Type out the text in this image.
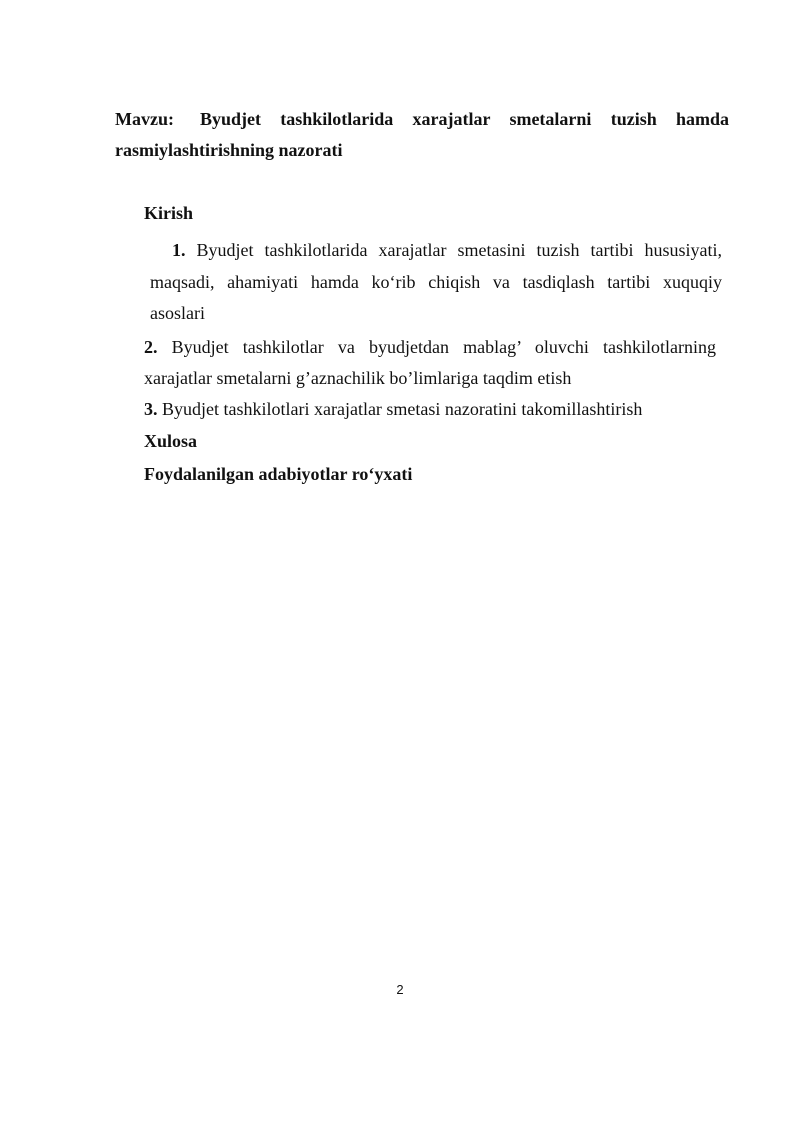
Mavzu: Byudjet tashkilotlarida xarajatlar smetalarni tuzish hamda
rasmiylashtirishning nazorati
Kirish
1. Byudjet tashkilotlarida xarajatlar smetasini tuzish tartibi hususiyati,
maqsadi, ahamiyati hamda ko‘rib chiqish va tasdiqlash tartibi xuquqiy
asoslari
2. Byudjet tashkilotlar va byudjetdan mablag’ oluvchi tashkilotlarning
xarajatlar smetalarni g’aznachilik bo’limlariga taqdim etish
3. Byudjet tashkilotlari xarajatlar smetasi nazoratini takomillashtirish
Xulosa
Foydalanilgan adabiyotlar ro‘yxati
2
